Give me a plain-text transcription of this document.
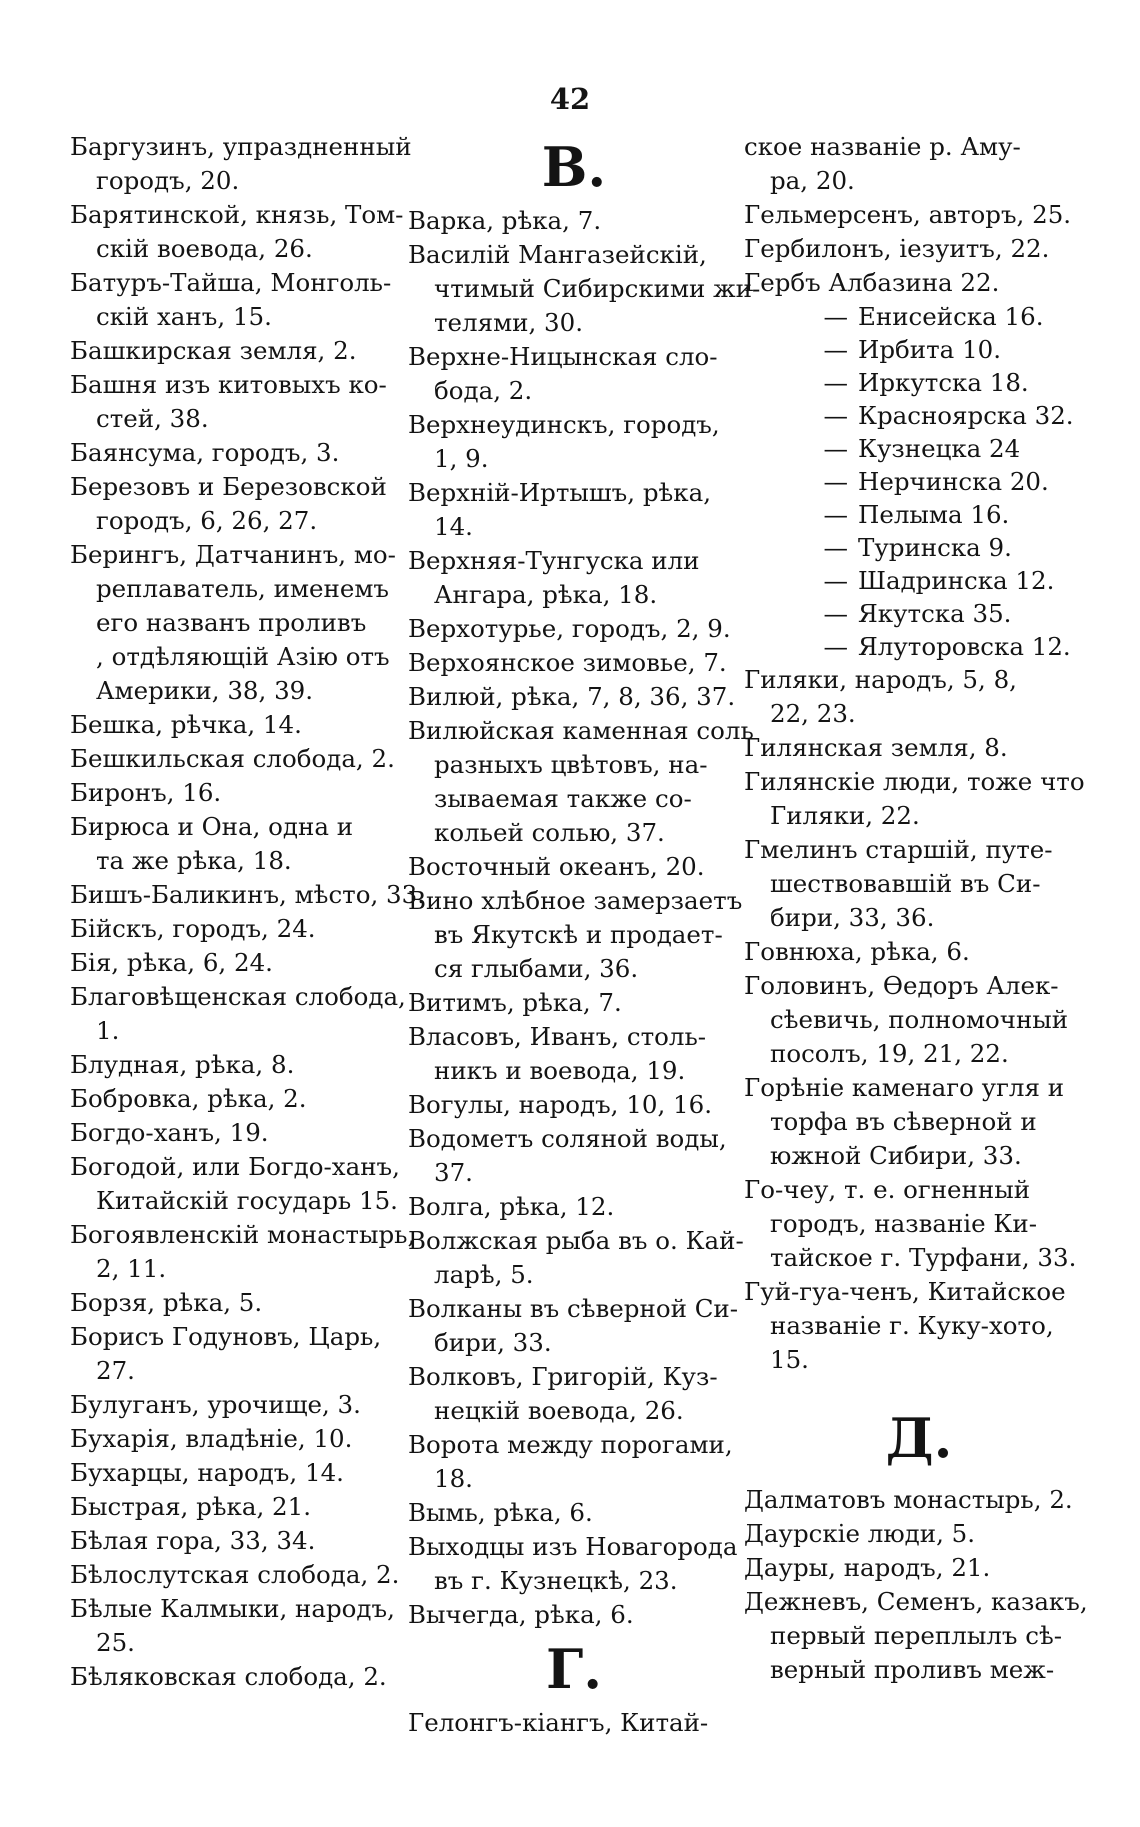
42
Баргузинъ, упраздненный
городъ, 20.
Барятинской, князь, Том-
скій воевода, 26.
Батуръ-Тайша, Монголь-
скій ханъ, 15.
Башкирская земля, 2.
Башня изъ китовыхъ ко-
стей, 38.
Баянсума, городъ, 3.
Березовъ и Березовской
городъ, 6, 26, 27.
Берингъ, Датчанинъ, мо-
реплаватель, именемъ
его названъ проливъ
, отдѣляющій Азію отъ
Америки, 38, 39.
Бешка, рѣчка, 14.
Бешкильская слобода, 2.
Биронъ, 16.
Бирюса и Она, одна и
та же рѣка, 18.
Бишъ-Баликинъ, мѣсто, 33.
Бійскъ, городъ, 24.
Бія, рѣка, 6, 24.
Благовѣщенская слобода,
1.
Блудная, рѣка, 8.
Бобровка, рѣка, 2.
Богдо-ханъ, 19.
Богодой, или Богдо-ханъ,
Китайскій государь 15.
Богоявленскій монастырь,
2, 11.
Борзя, рѣка, 5.
Борисъ Годуновъ, Царь,
27.
Булуганъ, урочище, 3.
Бухарія, владѣніе, 10.
Бухарцы, народъ, 14.
Быстрая, рѣка, 21.
Бѣлая гора, 33, 34.
Бѣлослутская слобода, 2.
Бѣлые Калмыки, народъ,
25.
Бѣляковская слобода, 2.
В.
Варка, рѣка, 7.
Василій Мангазейскій,
чтимый Сибирскими жи-
телями, 30.
Верхне-Ницынская сло-
бода, 2.
Верхнеудинскъ, городъ,
1, 9.
Верхній-Иртышъ, рѣка,
14.
Верхняя-Тунгуска или
Ангара, рѣка, 18.
Верхотурье, городъ, 2, 9.
Верхоянское зимовье, 7.
Вилюй, рѣка, 7, 8, 36, 37.
Вилюйская каменная соль
разныхъ цвѣтовъ, на-
зываемая также со-
кольей солью, 37.
Восточный океанъ, 20.
Вино хлѣбное замерзаетъ
въ Якутскѣ и продает-
ся глыбами, 36.
Витимъ, рѣка, 7.
Власовъ, Иванъ, столь-
никъ и воевода, 19.
Вогулы, народъ, 10, 16.
Водометъ соляной воды,
37.
Волга, рѣка, 12.
Волжская рыба въ о. Кай-
ларѣ, 5.
Волканы въ сѣверной Си-
бири, 33.
Волковъ, Григорій, Куз-
нецкій воевода, 26.
Ворота между порогами,
18.
Вымь, рѣка, 6.
Выходцы изъ Новагорода
въ г. Кузнецкѣ, 23.
Вычегда, рѣка, 6.
Г.
Гелонгъ-кіангъ, Китай-
ское названіе р. Аму-
ра, 20.
Гельмерсенъ, авторъ, 25.
Гербилонъ, іезуитъ, 22.
Гербъ Албазина 22.
— Енисейска 16.
— Ирбита 10.
— Иркутска 18.
— Красноярска 32.
— Кузнецка 24
— Нерчинска 20.
— Пелыма 16.
— Туринска 9.
— Шадринска 12.
— Якутска 35.
— Ялуторовска 12.
Гиляки, народъ, 5, 8,
22, 23.
Гилянская земля, 8.
Гилянскіе люди, тоже что
Гиляки, 22.
Гмелинъ старшій, путе-
шествовавшій въ Си-
бири, 33, 36.
Говнюха, рѣка, 6.
Головинъ, Ѳедоръ Алек-
сѣевичь, полномочный
посолъ, 19, 21, 22.
Горѣніе каменаго угля и
торфа въ сѣверной и
южной Сибири, 33.
Го-чеу, т. е. огненный
городъ, названіе Ки-
тайское г. Турфани, 33.
Гуй-гуа-ченъ, Китайское
названіе г. Куку-хото,
15.
Д.
Далматовъ монастырь, 2.
Даурскіе люди, 5.
Дауры, народъ, 21.
Дежневъ, Семенъ, казакъ,
первый переплылъ сѣ-
верный проливъ меж-
